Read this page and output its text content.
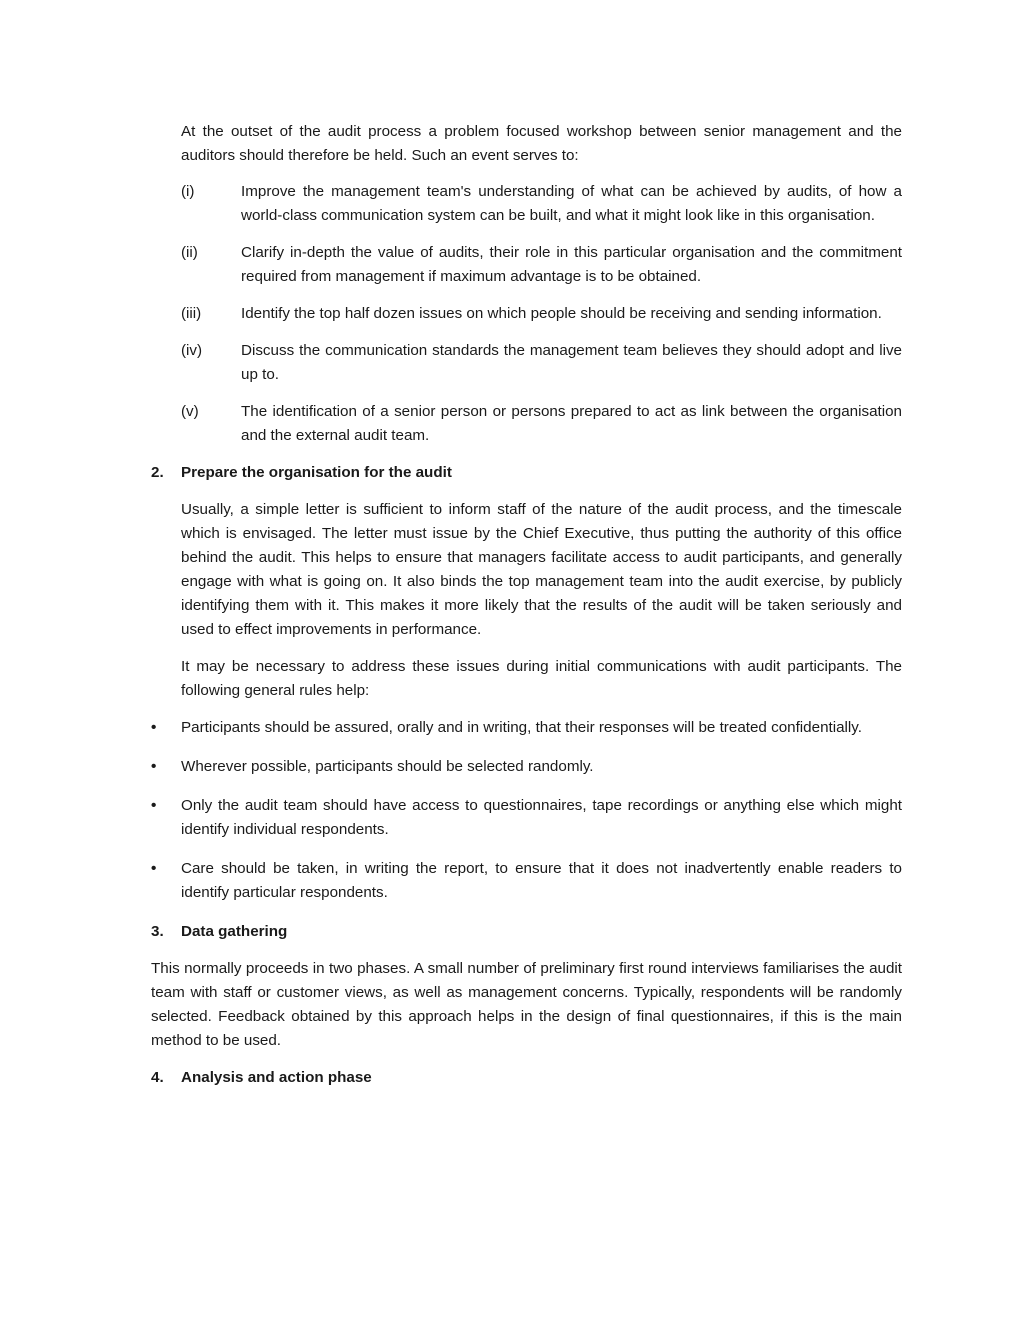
At the outset of the audit process a problem focused workshop between senior management and the auditors should therefore be held. Such an event serves to:

(i)	Improve the management team's understanding of what can be achieved by audits, of how a world-class communication system can be built, and what it might look like in this organisation.
(ii)	Clarify in-depth the value of audits, their role in this particular organisation and the commitment required from management if maximum advantage is to be obtained.
(iii)	Identify the top half dozen issues on which people should be receiving and sending information.
(iv)	Discuss the communication standards the management team believes they should adopt and live up to.
(v)	The identification of a senior person or persons prepared to act as link between the organisation and the external audit team.
2. Prepare the organisation for the audit

Usually, a simple letter is sufficient to inform staff of the nature of the audit process, and the timescale which is envisaged. The letter must issue by the Chief Executive, thus putting the authority of this office behind the audit. This helps to ensure that managers facilitate access to audit participants, and generally engage with what is going on. It also binds the top management team into the audit exercise, by publicly identifying them with it. This makes it more likely that the results of the audit will be taken seriously and used to effect improvements in performance.

It may be necessary to address these issues during initial communications with audit participants. The following general rules help:

• Participants should be assured, orally and in writing, that their responses will be treated confidentially.
• Wherever possible, participants should be selected randomly.
• Only the audit team should have access to questionnaires, tape recordings or anything else which might identify individual respondents.
• Care should be taken, in writing the report, to ensure that it does not inadvertently enable readers to identify particular respondents.
3. Data gathering

This normally proceeds in two phases. A small number of preliminary first round interviews familiarises the audit team with staff or customer views, as well as management concerns. Typically, respondents will be randomly selected. Feedback obtained by this approach helps in the design of final questionnaires, if this is the main method to be used.

4. Analysis and action phase
